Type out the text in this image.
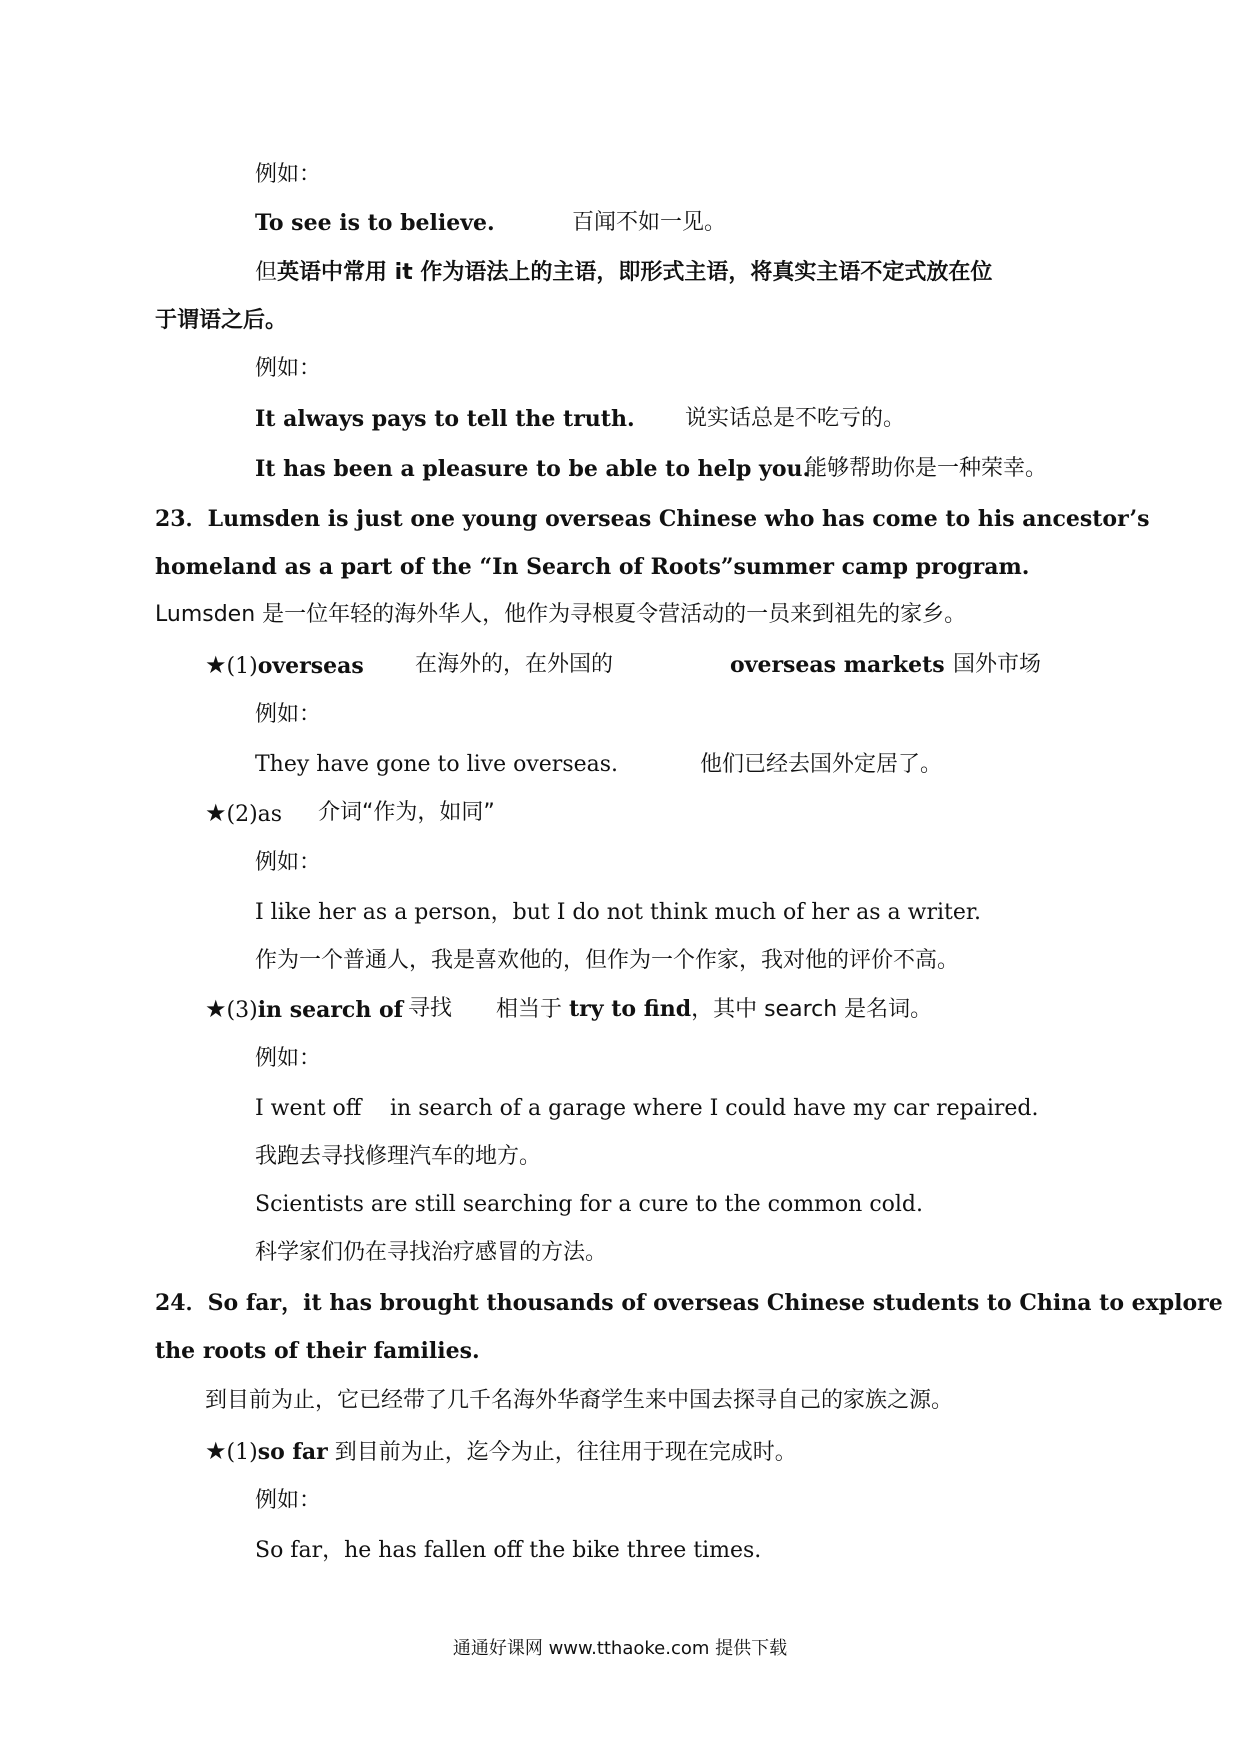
例如：
To see is to believe.	百闻不如一见。
但英语中常用 it 作为语法上的主语，即形式主语，将真实主语不定式放在位
于谓语之后。
例如：
It always pays to tell the truth. 说实话总是不吃亏的。
It has been a pleasure to be able to help you.
能够帮助你是一种荣幸。
23．Lumsden is just one young overseas Chinese who has come to his ancestor’s
homeland as a part of the “In Search of Roots”summer camp program.
Lumsden 是一位年轻的海外华人，他作为寻根夏令营活动的一员来到祖先的家乡。
★(1)overseas 在海外的，在外国的	overseas markets 国外市场
例如：
They have gone to live overseas.	他们已经去国外定居了。
★(2)as 介词“作为，如同”
例如：
I like her as a person，but I do not think much of her as a writer.
作为一个普通人，我是喜欢他的，但作为一个作家，我对他的评价不高。
★(3)in search of 寻找 相当于 try to find，其中 search 是名词。
例如：
I went off in search of a garage where I could have my car repaired.
我跑去寻找修理汽车的地方。
Scientists are still searching for a cure to the common cold.
科学家们仍在寻找治疗感冒的方法。
24．So far，it has brought thousands of overseas Chinese students to China to explore
the roots of their families.
到目前为止，它已经带了几千名海外华裔学生来中国去探寻自己的家族之源。
★(1)so far 到目前为止，迄今为止，往往用于现在完成时。
例如：
So far，he has fallen off the bike three times.
通通好课网 www.tthaoke.com 提供下载
